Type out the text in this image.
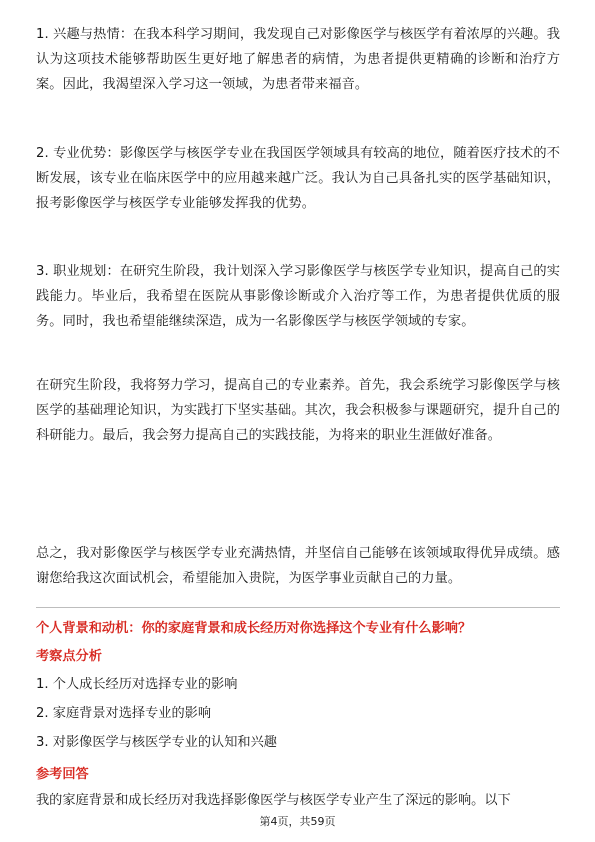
1. 兴趣与热情：在我本科学习期间，我发现自己对影像医学与核医学有着浓厚的兴趣。我认为这项技术能够帮助医生更好地了解患者的病情，为患者提供更精确的诊断和治疗方案。因此，我渴望深入学习这一领域，为患者带来福音。

2. 专业优势：影像医学与核医学专业在我国医学领域具有较高的地位，随着医疗技术的不断发展，该专业在临床医学中的应用越来越广泛。我认为自己具备扎实的医学基础知识，报考影像医学与核医学专业能够发挥我的优势。

3. 职业规划：在研究生阶段，我计划深入学习影像医学与核医学专业知识，提高自己的实践能力。毕业后，我希望在医院从事影像诊断或介入治疗等工作，为患者提供优质的服务。同时，我也希望能继续深造，成为一名影像医学与核医学领域的专家。

在研究生阶段，我将努力学习，提高自己的专业素养。首先，我会系统学习影像医学与核医学的基础理论知识，为实践打下坚实基础。其次，我会积极参与课题研究，提升自己的科研能力。最后，我会努力提高自己的实践技能，为将来的职业生涯做好准备。

总之，我对影像医学与核医学专业充满热情，并坚信自己能够在该领域取得优异成绩。感谢您给我这次面试机会，希望能加入贵院，为医学事业贡献自己的力量。

个人背景和动机：你的家庭背景和成长经历对你选择这个专业有什么影响？

考察点分析

1. 个人成长经历对选择专业的影响

2. 家庭背景对选择专业的影响

3. 对影像医学与核医学专业的认知和兴趣

参考回答

我的家庭背景和成长经历对我选择影像医学与核医学专业产生了深远的影响。以下

第4页，共59页
